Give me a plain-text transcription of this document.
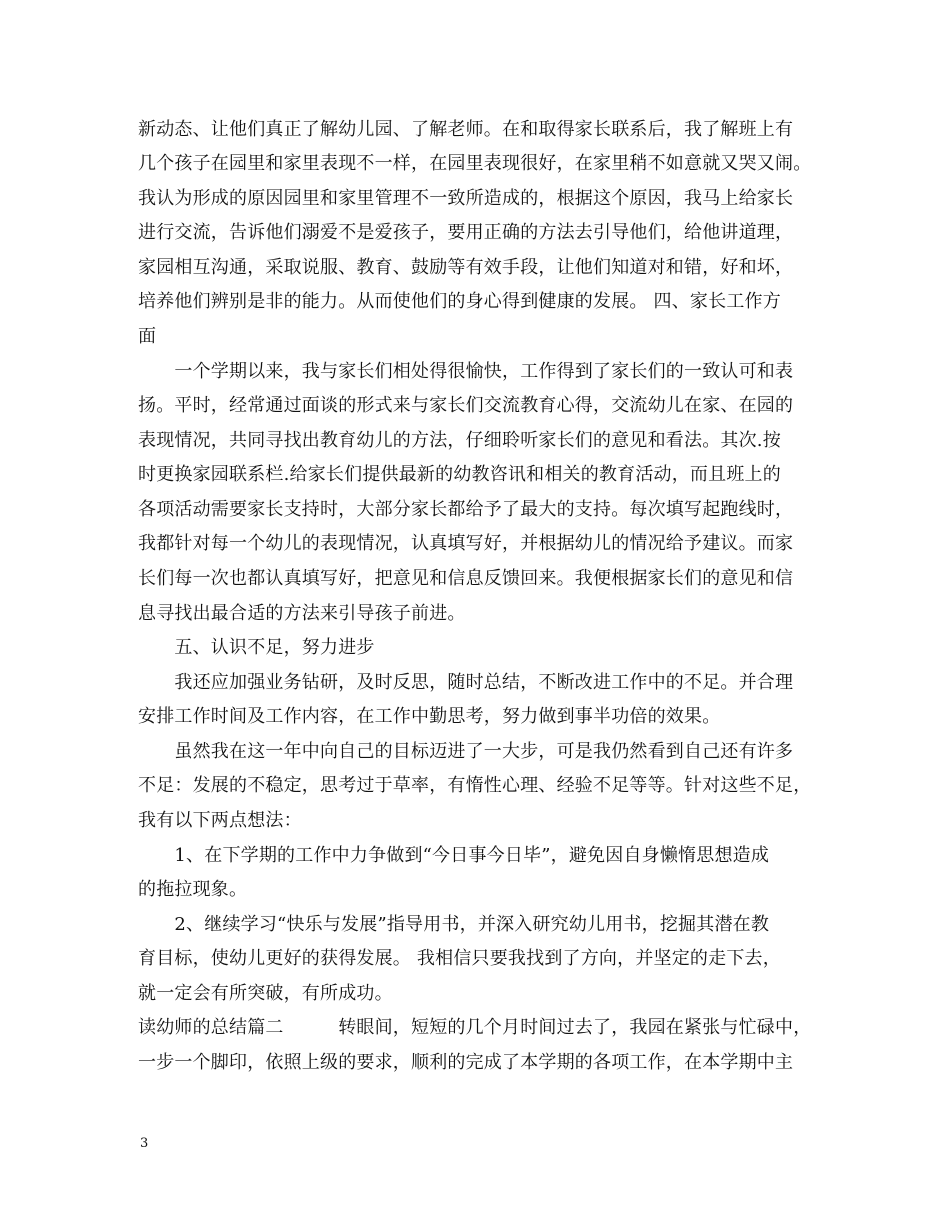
新动态、让他们真正了解幼儿园、了解老师。在和取得家长联系后，我了解班上有
几个孩子在园里和家里表现不一样，在园里表现很好，在家里稍不如意就又哭又闹。
我认为形成的原因园里和家里管理不一致所造成的，根据这个原因，我马上给家长
进行交流，告诉他们溺爱不是爱孩子，要用正确的方法去引导他们，给他讲道理，
家园相互沟通，采取说服、教育、鼓励等有效手段，让他们知道对和错，好和坏，
培养他们辨别是非的能力。从而使他们的身心得到健康的发展。 四、家长工作方
面
　　一个学期以来，我与家长们相处得很愉快，工作得到了家长们的一致认可和表
扬。平时，经常通过面谈的形式来与家长们交流教育心得，交流幼儿在家、在园的
表现情况，共同寻找出教育幼儿的方法，仔细聆听家长们的意见和看法。其次.按
时更换家园联系栏.给家长们提供最新的幼教咨讯和相关的教育活动，而且班上的
各项活动需要家长支持时，大部分家长都给予了最大的支持。每次填写起跑线时，
我都针对每一个幼儿的表现情况，认真填写好，并根据幼儿的情况给予建议。而家
长们每一次也都认真填写好，把意见和信息反馈回来。我便根据家长们的意见和信
息寻找出最合适的方法来引导孩子前进。
　　五、认识不足，努力进步
　　我还应加强业务钻研，及时反思，随时总结，不断改进工作中的不足。并合理
安排工作时间及工作内容，在工作中勤思考，努力做到事半功倍的效果。
　　虽然我在这一年中向自己的目标迈进了一大步，可是我仍然看到自己还有许多
不足：发展的不稳定，思考过于草率，有惰性心理、经验不足等等。针对这些不足，
我有以下两点想法：
　　1、在下学期的工作中力争做到“今日事今日毕”，避免因自身懒惰思想造成
的拖拉现象。
　　2、继续学习“快乐与发展”指导用书，并深入研究幼儿用书，挖掘其潜在教
育目标，使幼儿更好的获得发展。 我相信只要我找到了方向，并坚定的走下去，
就一定会有所突破，有所成功。
读幼师的总结篇二　　　转眼间，短短的几个月时间过去了，我园在紧张与忙碌中，
一步一个脚印，依照上级的要求，顺利的完成了本学期的各项工作，在本学期中主
3
